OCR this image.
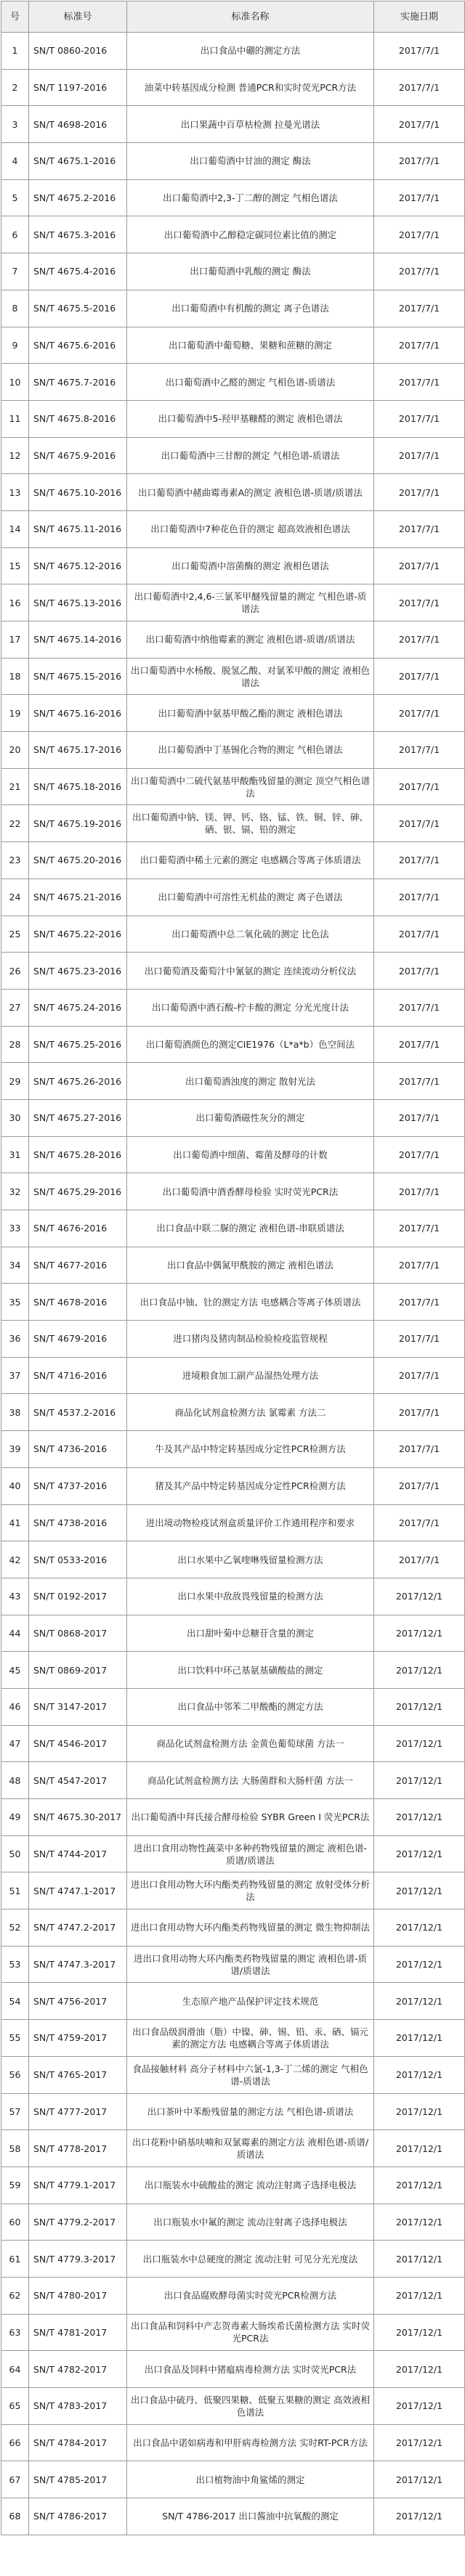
号	标准号	标准名称	实施日期
1	SN/T 0860-2016	出口食品中硼的测定方法	2017/7/1
2	SN/T 1197-2016	油菜中转基因成分检测 普通PCR和实时荧光PCR方法	2017/7/1
3	SN/T 4698-2016	出口果蔬中百草枯检测 拉曼光谱法	2017/7/1
4	SN/T 4675.1-2016	出口葡萄酒中甘油的测定 酶法	2017/7/1
5	SN/T 4675.2-2016	出口葡萄酒中2,3-丁二醇的测定 气相色谱法	2017/7/1
6	SN/T 4675.3-2016	出口葡萄酒中乙醇稳定碳同位素比值的测定	2017/7/1
7	SN/T 4675.4-2016	出口葡萄酒中乳酸的测定 酶法	2017/7/1
8	SN/T 4675.5-2016	出口葡萄酒中有机酸的测定 离子色谱法	2017/7/1
9	SN/T 4675.6-2016	出口葡萄酒中葡萄糖、果糖和蔗糖的测定	2017/7/1
10	SN/T 4675.7-2016	出口葡萄酒中乙醛的测定 气相色谱-质谱法	2017/7/1
11	SN/T 4675.8-2016	出口葡萄酒中5-羟甲基糠醛的测定 液相色谱法	2017/7/1
12	SN/T 4675.9-2016	出口葡萄酒中三甘醇的测定 气相色谱-质谱法	2017/7/1
13	SN/T 4675.10-2016	出口葡萄酒中赭曲霉毒素A的测定 液相色谱-质谱/质谱法	2017/7/1
14	SN/T 4675.11-2016	出口葡萄酒中7种花色苷的测定 超高效液相色谱法	2017/7/1
15	SN/T 4675.12-2016	出口葡萄酒中溶菌酶的测定 液相色谱法	2017/7/1
16	SN/T 4675.13-2016	出口葡萄酒中2,4,6-三氯苯甲醚残留量的测定 气相色谱-质谱法	2017/7/1
17	SN/T 4675.14-2016	出口葡萄酒中纳他霉素的测定 液相色谱-质谱/质谱法	2017/7/1
18	SN/T 4675.15-2016	出口葡萄酒中水杨酸、脱氢乙酸、对氯苯甲酸的测定 液相色谱法	2017/7/1
19	SN/T 4675.16-2016	出口葡萄酒中氨基甲酸乙酯的测定 液相色谱法	2017/7/1
20	SN/T 4675.17-2016	出口葡萄酒中丁基锡化合物的测定 气相色谱法	2017/7/1
21	SN/T 4675.18-2016	出口葡萄酒中二硫代氨基甲酸酯残留量的测定 顶空气相色谱法	2017/7/1
22	SN/T 4675.19-2016	出口葡萄酒中钠、镁、钾、钙、铬、锰、铁、铜、锌、砷、硒、银、镉、铅的测定	2017/7/1
23	SN/T 4675.20-2016	出口葡萄酒中稀土元素的测定 电感耦合等离子体质谱法	2017/7/1
24	SN/T 4675.21-2016	出口葡萄酒中可溶性无机盐的测定 离子色谱法	2017/7/1
25	SN/T 4675.22-2016	出口葡萄酒中总二氧化硫的测定 比色法	2017/7/1
26	SN/T 4675.23-2016	出口葡萄酒及葡萄汁中氰氨的测定 连续流动分析仪法	2017/7/1
27	SN/T 4675.24-2016	出口葡萄酒中酒石酸-柠卡酸的测定 分光光度计法	2017/7/1
28	SN/T 4675.25-2016	出口葡萄酒颜色的测定CIE1976（L*a*b）色空间法	2017/7/1
29	SN/T 4675.26-2016	出口葡萄酒浊度的测定 散射光法	2017/7/1
30	SN/T 4675.27-2016	出口葡萄酒磁性灰分的测定	2017/7/1
31	SN/T 4675.28-2016	出口葡萄酒中细菌、霉菌及酵母的计数	2017/7/1
32	SN/T 4675.29-2016	出口葡萄酒中酒香酵母检验 实时荧光PCR法	2017/7/1
33	SN/T 4676-2016	出口食品中联二脲的测定 液相色谱-串联质谱法	2017/7/1
34	SN/T 4677-2016	出口食品中偶氮甲酰胺的测定 液相色谱法	2017/7/1
35	SN/T 4678-2016	出口食品中铀、钍的测定方法 电感耦合等离子体质谱法	2017/7/1
36	SN/T 4679-2016	进口猪肉及猪肉制品检验检疫监管规程	2017/7/1
37	SN/T 4716-2016	进境粮食加工副产品湿热处理方法	2017/7/1
38	SN/T 4537.2-2016	商品化试剂盒检测方法 氯霉素 方法二	2017/7/1
39	SN/T 4736-2016	牛及其产品中特定转基因成分定性PCR检测方法	2017/7/1
40	SN/T 4737-2016	猪及其产品中特定转基因成分定性PCR检测方法	2017/7/1
41	SN/T 4738-2016	进出境动物检疫试剂盒质量评价工作通用程序和要求	2017/7/1
42	SN/T 0533-2016	出口水果中乙氧喹啉残留量检测方法	2017/7/1
43	SN/T 0192-2017	出口水果中敌敌畏残留量的检测方法	2017/12/1
44	SN/T 0868-2017	出口甜叶菊中总糖苷含量的测定	2017/12/1
45	SN/T 0869-2017	出口饮料中环己基氨基磺酸盐的测定	2017/12/1
46	SN/T 3147-2017	出口食品中邻苯二甲酸酯的测定方法	2017/12/1
47	SN/T 4546-2017	商品化试剂盒检测方法 金黄色葡萄球菌 方法一	2017/12/1
48	SN/T 4547-2017	商品化试剂盒检测方法 大肠菌群和大肠杆菌 方法一	2017/12/1
49	SN/T 4675.30-2017	出口葡萄酒中拜氏接合酵母检验 SYBR Green I 荧光PCR法	2017/12/1
50	SN/T 4744-2017	进出口食用动物性蔬菜中多种药物残留量的测定 液相色谱-质谱/质谱法	2017/12/1
51	SN/T 4747.1-2017	进出口食用动物大环内酯类药物残留量的测定 放射受体分析法	2017/12/1
52	SN/T 4747.2-2017	进出口食用动物大环内酯类药物残留量的测定 微生物抑制法	2017/12/1
53	SN/T 4747.3-2017	进出口食用动物大环内酯类药物残留量的测定 液相色谱-质谱/质谱法	2017/12/1
54	SN/T 4756-2017	生态原产地产品保护评定技术规范	2017/12/1
55	SN/T 4759-2017	出口食品级润滑油（脂）中镍、砷、锡、铅、汞、硒、镉元素的测定方法 电感耦合等离子体质谱法	2017/12/1
56	SN/T 4765-2017	食品接触材料 高分子材料中六氯-1,3-丁二烯的测定 气相色谱-质谱法	2017/12/1
57	SN/T 4777-2017	出口茶叶中苯酚残留量的测定方法 气相色谱-质谱法	2017/12/1
58	SN/T 4778-2017	出口花粉中硝基呋喃和双氯霉素的测定方法 液相色谱-质谱/质谱法	2017/12/1
59	SN/T 4779.1-2017	出口瓶装水中硫酸盐的测定 流动注射离子选择电极法	2017/12/1
60	SN/T 4779.2-2017	出口瓶装水中氟的测定 流动注射离子选择电极法	2017/12/1
61	SN/T 4779.3-2017	出口瓶装水中总硬度的测定 流动注射 可见分光光度法	2017/12/1
62	SN/T 4780-2017	出口食品腐败酵母菌实时荧光PCR检测方法	2017/12/1
63	SN/T 4781-2017	出口食品和饲料中产志贺毒素大肠埃希氏菌检测方法 实时荧光PCR法	2017/12/1
64	SN/T 4782-2017	出口食品及饲料中猪瘟病毒检测方法 实时荧光PCR法	2017/12/1
65	SN/T 4783-2017	出口食品中硫丹、低聚四果糖、低聚五果糖的测定 高效液相色谱法	2017/12/1
66	SN/T 4784-2017	出口食品中诺如病毒和甲肝病毒检测方法 实时RT-PCR方法	2017/12/1
67	SN/T 4785-2017	出口植物油中角鲨烯的测定	2017/12/1
68	SN/T 4786-2017	SN/T 4786-2017 出口酱油中抗氧酸的测定	2017/12/1
